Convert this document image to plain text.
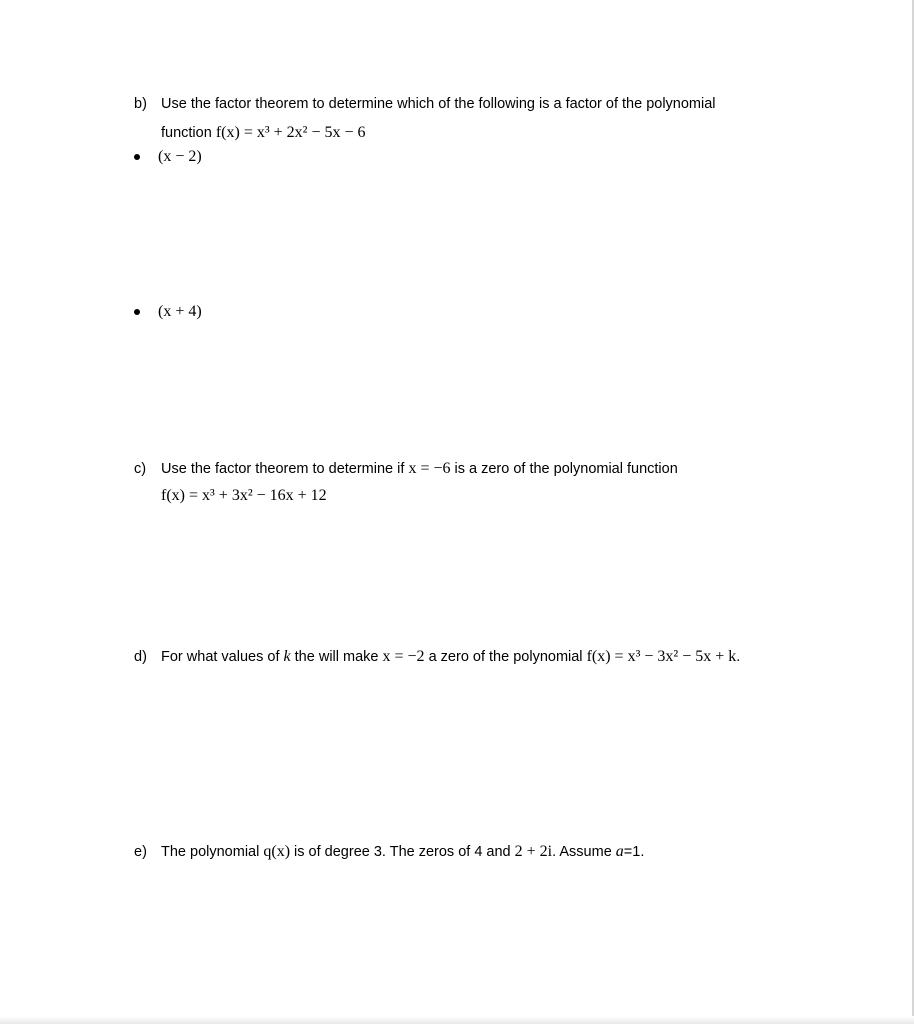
b) Use the factor theorem to determine which of the following is a factor of the polynomial
function f(x) = x³ + 2x² − 5x − 6
(x − 2)
(x + 4)
c) Use the factor theorem to determine if x = −6 is a zero of the polynomial function
f(x) = x³ + 3x² − 16x + 12
d) For what values of k the will make x = −2 a zero of the polynomial f(x) = x³ − 3x² − 5x + k.
e) The polynomial q(x) is of degree 3. The zeros of 4 and 2 + 2i. Assume a=1.
